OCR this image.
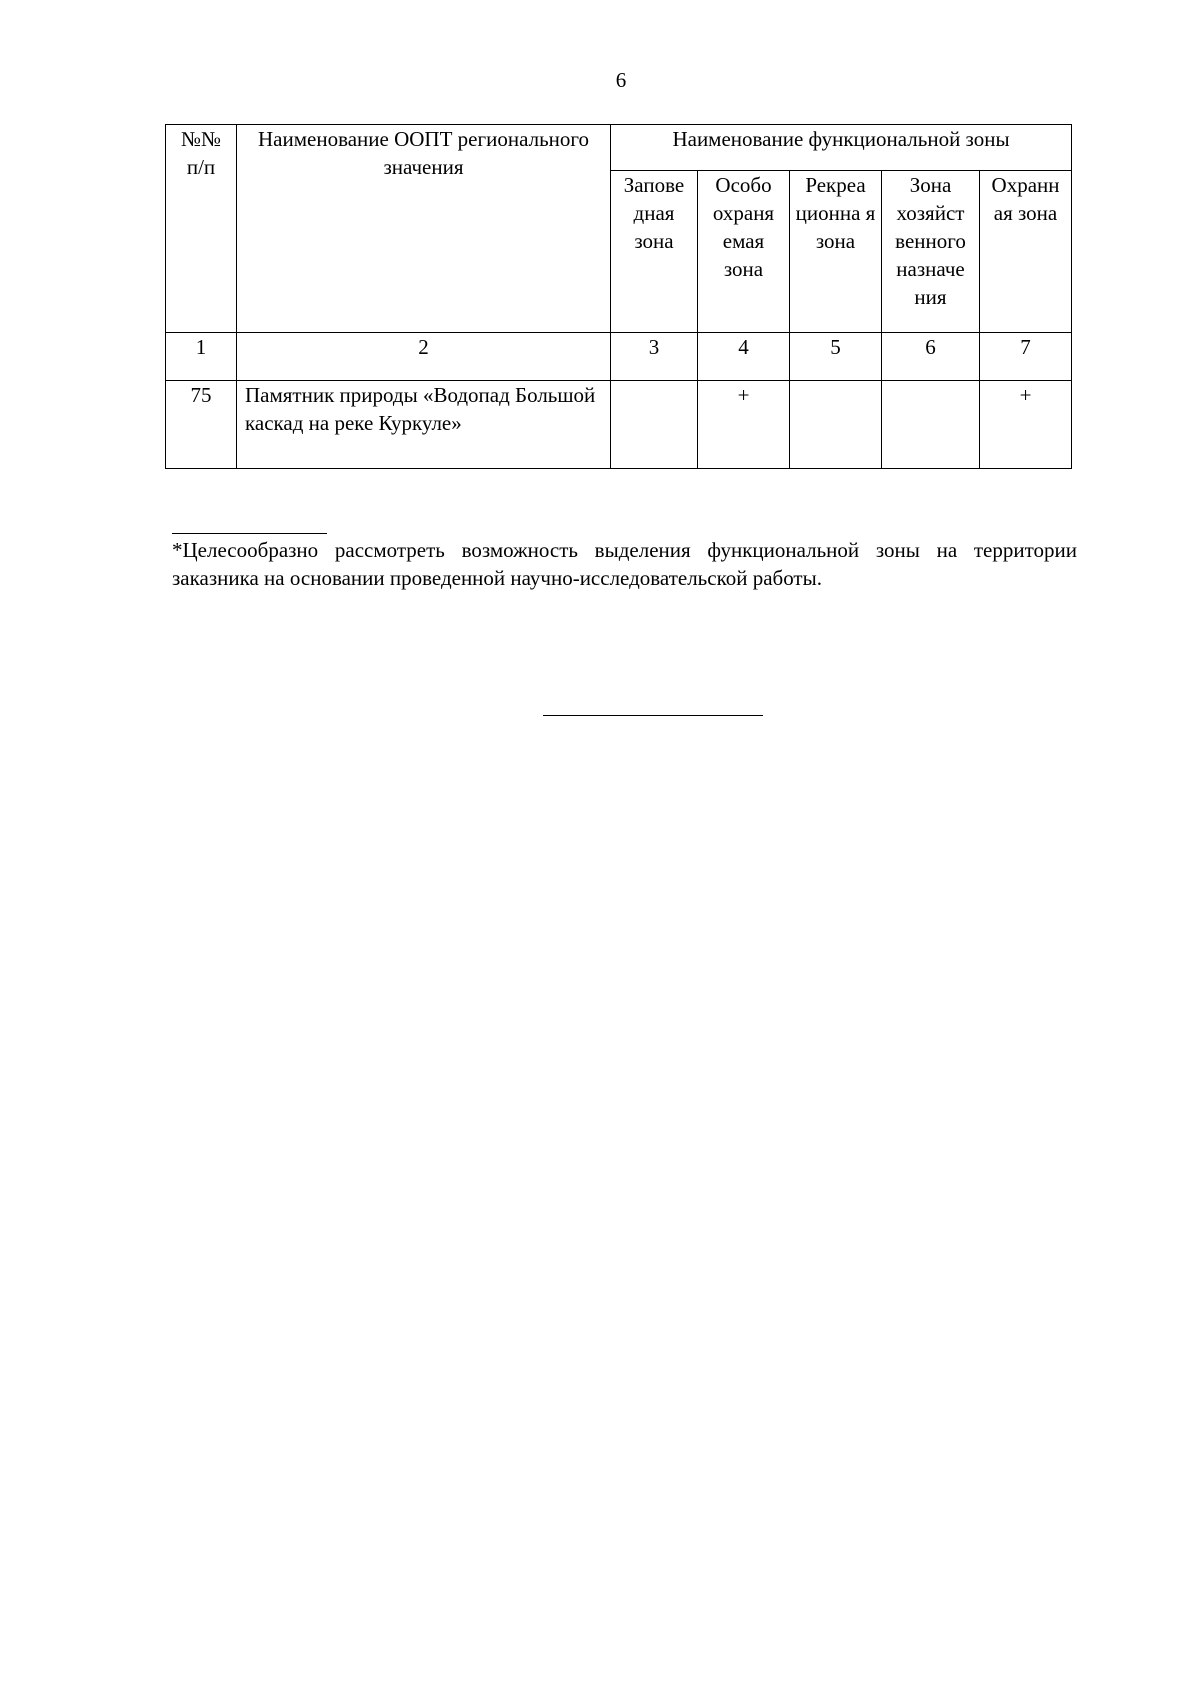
6
№№ п/п	Наименование ООПТ регионального значения	Наименование функциональной зоны				

		Запове дная зона	Особо охраня емая зона	Рекреа ционна я зона	Зона хозяйст венного назначе ния	Охранн ая зона

1	2	3	4	5	6	7
75	Памятник природы «Водопад Большой каскад на реке Куркуле»		+			+
*Целесообразно рассмотреть возможность выделения функциональной зоны на территории заказника на основании проведенной научно-исследовательской работы.
